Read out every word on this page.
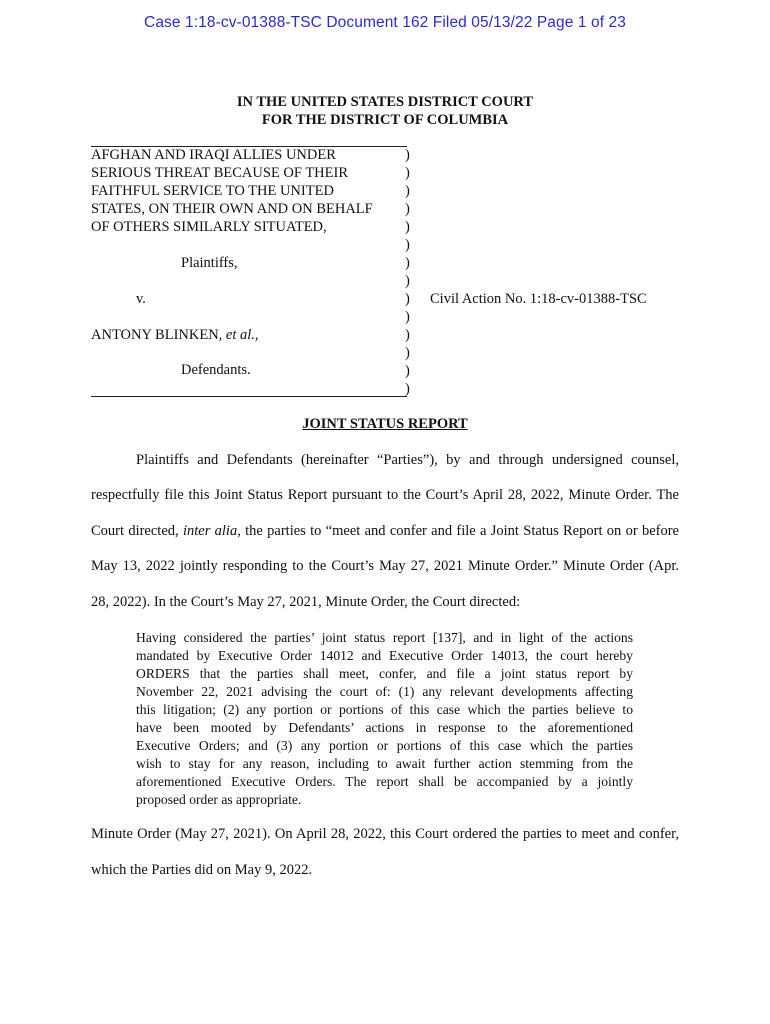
Case 1:18-cv-01388-TSC Document 162 Filed 05/13/22 Page 1 of 23
IN THE UNITED STATES DISTRICT COURT
FOR THE DISTRICT OF COLUMBIA
AFGHAN AND IRAQI ALLIES UNDER
SERIOUS THREAT BECAUSE OF THEIR
FAITHFUL SERVICE TO THE UNITED
STATES, ON THEIR OWN AND ON BEHALF
OF OTHERS SIMILARLY SITUATED,
Plaintiffs,
v.
ANTONY BLINKEN, et al.,
Defendants.
)
)
)
)
)
)
)
)
)
)
)
)
)
)
Civil Action No. 1:18-cv-01388-TSC
JOINT STATUS REPORT
Plaintiffs and Defendants (hereinafter “Parties”), by and through undersigned counsel,
respectfully file this Joint Status Report pursuant to the Court’s April 28, 2022, Minute Order. The
Court directed, inter alia, the parties to “meet and confer and file a Joint Status Report on or before
May 13, 2022 jointly responding to the Court’s May 27, 2021 Minute Order.” Minute Order (Apr.
28, 2022). In the Court’s May 27, 2021, Minute Order, the Court directed:
Having considered the parties’ joint status report [137], and in light of the actions
mandated by Executive Order 14012 and Executive Order 14013, the court hereby
ORDERS that the parties shall meet, confer, and file a joint status report by
November 22, 2021 advising the court of: (1) any relevant developments affecting
this litigation; (2) any portion or portions of this case which the parties believe to
have been mooted by Defendants’ actions in response to the aforementioned
Executive Orders; and (3) any portion or portions of this case which the parties
wish to stay for any reason, including to await further action stemming from the
aforementioned Executive Orders. The report shall be accompanied by a jointly
proposed order as appropriate.
Minute Order (May 27, 2021). On April 28, 2022, this Court ordered the parties to meet and confer,
which the Parties did on May 9, 2022.
